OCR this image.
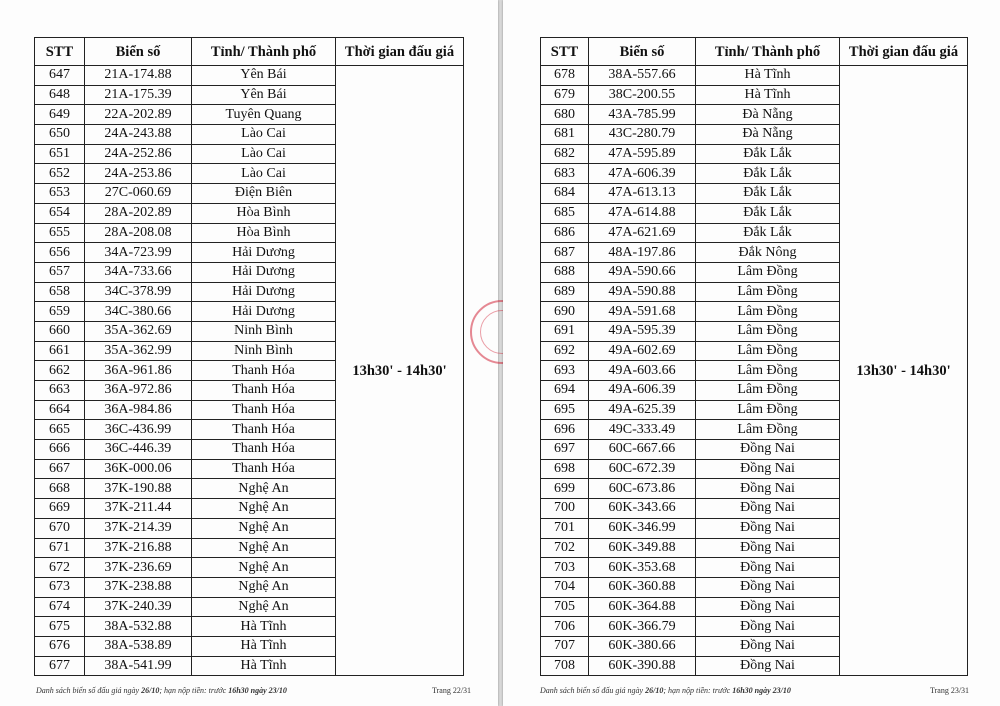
STT	Biển số	Tỉnh/ Thành phố	Thời gian đấu giá
647	21A-174.88	Yên Bái	13h30' - 14h30'
648	21A-175.39	Yên Bái	
649	22A-202.89	Tuyên Quang	
650	24A-243.88	Lào Cai	
651	24A-252.86	Lào Cai	
652	24A-253.86	Lào Cai	
653	27C-060.69	Điện Biên	
654	28A-202.89	Hòa Bình	
655	28A-208.08	Hòa Bình	
656	34A-723.99	Hải Dương	
657	34A-733.66	Hải Dương	
658	34C-378.99	Hải Dương	
659	34C-380.66	Hải Dương	
660	35A-362.69	Ninh Bình	
661	35A-362.99	Ninh Bình	
662	36A-961.86	Thanh Hóa	
663	36A-972.86	Thanh Hóa	
664	36A-984.86	Thanh Hóa	
665	36C-436.99	Thanh Hóa	
666	36C-446.39	Thanh Hóa	
667	36K-000.06	Thanh Hóa	
668	37K-190.88	Nghệ An	
669	37K-211.44	Nghệ An	
670	37K-214.39	Nghệ An	
671	37K-216.88	Nghệ An	
672	37K-236.69	Nghệ An	
673	37K-238.88	Nghệ An	
674	37K-240.39	Nghệ An	
675	38A-532.88	Hà Tĩnh	
676	38A-538.89	Hà Tĩnh	
677	38A-541.99	Hà Tĩnh	
Danh sách biển số đấu giá ngày 26/10; hạn nộp tiền: trước 16h30 ngày 23/10	Trang 22/31
STT	Biển số	Tỉnh/ Thành phố	Thời gian đấu giá
678	38A-557.66	Hà Tĩnh	13h30' - 14h30'
679	38C-200.55	Hà Tĩnh	
680	43A-785.99	Đà Nẵng	
681	43C-280.79	Đà Nẵng	
682	47A-595.89	Đắk Lắk	
683	47A-606.39	Đắk Lắk	
684	47A-613.13	Đắk Lắk	
685	47A-614.88	Đắk Lắk	
686	47A-621.69	Đắk Lắk	
687	48A-197.86	Đắk Nông	
688	49A-590.66	Lâm Đồng	
689	49A-590.88	Lâm Đồng	
690	49A-591.68	Lâm Đồng	
691	49A-595.39	Lâm Đồng	
692	49A-602.69	Lâm Đồng	
693	49A-603.66	Lâm Đồng	
694	49A-606.39	Lâm Đồng	
695	49A-625.39	Lâm Đồng	
696	49C-333.49	Lâm Đồng	
697	60C-667.66	Đồng Nai	
698	60C-672.39	Đồng Nai	
699	60C-673.86	Đồng Nai	
700	60K-343.66	Đồng Nai	
701	60K-346.99	Đồng Nai	
702	60K-349.88	Đồng Nai	
703	60K-353.68	Đồng Nai	
704	60K-360.88	Đồng Nai	
705	60K-364.88	Đồng Nai	
706	60K-366.79	Đồng Nai	
707	60K-380.66	Đồng Nai	
708	60K-390.88	Đồng Nai	
Danh sách biển số đấu giá ngày 26/10; hạn nộp tiền: trước 16h30 ngày 23/10	Trang 23/31
